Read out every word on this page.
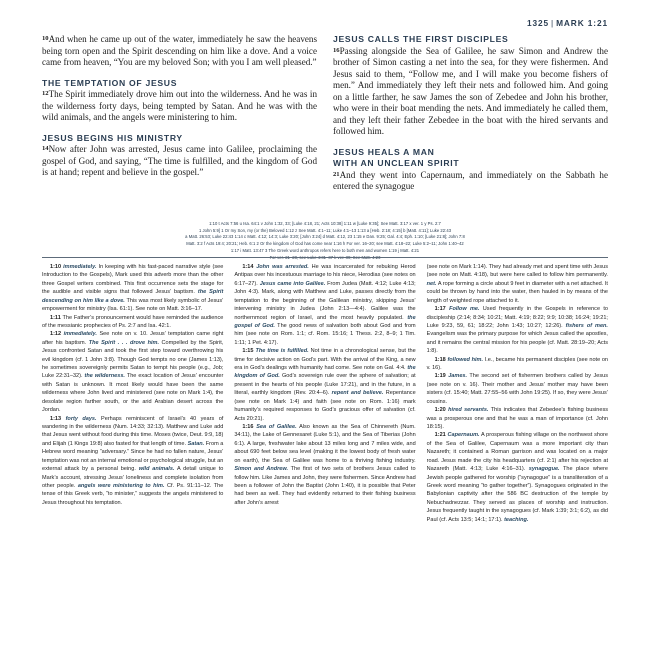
1325 | MARK 1:21

$^{10}$And when he came up out of the water, immediately he saw the heavens being torn open and the Spirit descending on him like a dove. And a voice came from heaven, “You are my beloved Son; with you I am well pleased.”

THE TEMPTATION OF JESUS

$^{12}$The Spirit immediately drove him out into the wilderness. And he was in the wilderness forty days, being tempted by Satan. And he was with the wild animals, and the angels were ministering to him.

JESUS BEGINS HIS MINISTRY

$^{14}$Now after John was arrested, Jesus came into Galilee, proclaiming the gospel of God, and saying, “The time is fulfilled, and the kingdom of God is at hand; repent and believe in the gospel.”

JESUS CALLS THE FIRST DISCIPLES

$^{16}$Passing alongside the Sea of Galilee, he saw Simon and Andrew the brother of Simon casting a net into the sea, for they were fishermen. And Jesus said to them, “Follow me, and I will make you become fishers of men.” And immediately they left their nets and followed him. And going on a little farther, he saw James the son of Zebedee and John his brother, who were in their boat mending the nets. And immediately he called them, and they left their father Zebedee in the boat with the hired servants and followed him.

JESUS HEALS A MAN
WITH AN UNCLEAN SPIRIT

$^{21}$And they went into Capernaum, and immediately on the Sabbath he entered the synagogue

1:10 t Acts 7:56 u Isa. 64:1 v John 1:32, 33; [Luke 4:18, 21; Acts 10:38] 1:11 w [Luke 9:35]; See Matt. 3:17 x ver. 1 y Ps. 2:7
1 John 5:9] 1 Or my Son, my (or the) Beloved 1:12 z See Matt. 4:1–11; Luke 4:1–13 1:13 a [Heb. 2:18; 4:15] b [Matt. 4:11]; Luke 22:43
a Matt. 26:53; Luke 22:43 1:14 c Matt. 4:12; 14:3; Luke 3:20; [John 3:24] d Matt. 4:12, 23 1:15 e Dan. 9:25; Gal. 4:4; Eph. 1:10; [Luke 21:8]; John 7:8
Matt. 3:2 f Acts 19:4; 20:21; Heb. 6:1 2 Or the kingdom of God has come near 1:16 h For ver. 16–20; see Matt. 4:18–22; Luke 5:2–11; John 1:40–42
1:17 i Matt. 13:47 3 The Greek word anthropos refers here to both men and women 1:19 j Matt. 4:21

1:10 immediately. In keeping with his fast-paced narrative style (see Introduction to the Gospels), Mark used this adverb more than the other three Gospel writers combined. This first occurrence sets the stage for the audible and visible signs that followed Jesus’ baptism. the Spirit descending on him like a dove. This was most likely symbolic of Jesus’ empowerment for ministry (Isa. 61:1). See note on Matt. 3:16–17.

1:11 The Father’s pronouncement would have reminded the audience of the messianic prophecies of Ps. 2:7 and Isa. 42:1.

1:12 immediately. See note on v. 10. Jesus’ temptation came right after his baptism. The Spirit . . . drove him. Compelled by the Spirit, Jesus confronted Satan and took the first step toward overthrowing his evil kingdom (cf. 1 John 3:8). Though God tempts no one (James 1:13), he sometimes sovereignly permits Satan to tempt his people (e.g., Job; Luke 22:31–32). the wilderness. The exact location of Jesus’ encounter with Satan is unknown. It most likely would have been the same wilderness where John lived and ministered (see note on Mark 1:4), the desolate region farther south, or the arid Arabian desert across the Jordan.

1:13 forty days. Perhaps reminiscent of Israel’s 40 years of wandering in the wilderness (Num. 14:33; 32:13). Matthew and Luke add that Jesus went without food during this time. Moses (twice, Deut. 9:9, 18) and Elijah (1 Kings 19:8) also fasted for that length of time. Satan. From a Hebrew word meaning “adversary.” Since he had no fallen nature, Jesus’ temptation was not an internal emotional or psychological struggle, but an external attack by a personal being. wild animals. A detail unique to Mark’s account, stressing Jesus’ loneliness and complete isolation from other people. angels were ministering to him. Cf. Ps. 91:11–12. The tense of this Greek verb, “to minister,” suggests the angels ministered to Jesus throughout his temptation.

1:14 John was arrested. He was incarcerated for rebuking Herod Antipas over his incestuous marriage to his niece, Herodias (see notes on 6:17–27). Jesus came into Galilee. From Judea (Matt. 4:12; Luke 4:13; John 4:3). Mark, along with Matthew and Luke, passes directly from the temptation to the beginning of the Galilean ministry, skipping Jesus’ intervening ministry in Judea (John 2:13—4:4). Galilee was the northernmost region of Israel, and the most heavily populated. the gospel of God. The good news of salvation both about God and from him (see note on Rom. 1:1; cf. Rom. 15:16; 1 Thess. 2:2, 8–9; 1 Tim. 1:11; 1 Pet. 4:17).

1:15 The time is fulfilled. Not time in a chronological sense, but the time for decisive action on God’s part. With the arrival of the King, a new era in God’s dealings with humanity had come. See note on Gal. 4:4. the kingdom of God. God’s sovereign rule over the sphere of salvation; at present in the hearts of his people (Luke 17:21), and in the future, in a literal, earthly kingdom (Rev. 20:4–6). repent and believe. Repentance (see note on Mark 1:4) and faith (see note on Rom. 1:16) mark humanity’s required responses to God’s gracious offer of salvation (cf. Acts 20:21).

1:16 Sea of Galilee. Also known as the Sea of Chinnereth (Num. 34:11), the Lake of Gennesaret (Luke 5:1), and the Sea of Tiberias (John 6:1). A large, freshwater lake about 13 miles long and 7 miles wide, and about 690 feet below sea level (making it the lowest body of fresh water on earth), the Sea of Galilee was home to a thriving fishing industry. Simon and Andrew. The first of two sets of brothers Jesus called to follow him. Like James and John, they were fishermen. Since Andrew had been a follower of John the Baptist (John 1:40), it is possible that Peter had been as well. They had evidently returned to their fishing business after John’s arrest

(see note on Mark 1:14). They had already met and spent time with Jesus (see note on Matt. 4:18), but were here called to follow him permanently. net. A rope forming a circle about 9 feet in diameter with a net attached. It could be thrown by hand into the water, then hauled in by means of the length of weighted rope attached to it.

1:17 Follow me. Used frequently in the Gospels in reference to discipleship (2:14; 8:34; 10:21; Matt. 4:19; 8:22; 9:9; 10:38; 16:24; 19:21; Luke 9:23, 59, 61; 18:22; John 1:43; 10:27; 12:26). fishers of men. Evangelism was the primary purpose for which Jesus called the apostles, and it remains the central mission for his people (cf. Matt. 28:19–20; Acts 1:8).

1:18 followed him. I.e., became his permanent disciples (see note on v. 16).

1:19 James. The second set of fishermen brothers called by Jesus (see note on v. 16). Their mother and Jesus’ mother may have been sisters (cf. 15:40; Matt. 27:55–56 with John 19:25). If so, they were Jesus’ cousins.

1:20 hired servants. This indicates that Zebedee’s fishing business was a prosperous one and that he was a man of importance (cf. John 18:15).

1:21 Capernaum. A prosperous fishing village on the northwest shore of the Sea of Galilee, Capernaum was a more important city than Nazareth; it contained a Roman garrison and was located on a major road. Jesus made the city his headquarters (cf. 2:1) after his rejection at Nazareth (Matt. 4:13; Luke 4:16–31). synagogue. The place where Jewish people gathered for worship (“synagogue” is a transliteration of a Greek word meaning “to gather together”). Synagogues originated in the Babylonian captivity after the 586 BC destruction of the temple by Nebuchadnezzar. They served as places of worship and instruction. Jesus frequently taught in the synagogues (cf. Mark 1:39; 3:1; 6:2), as did Paul (cf. Acts 13:5; 14:1; 17:1). teaching.
